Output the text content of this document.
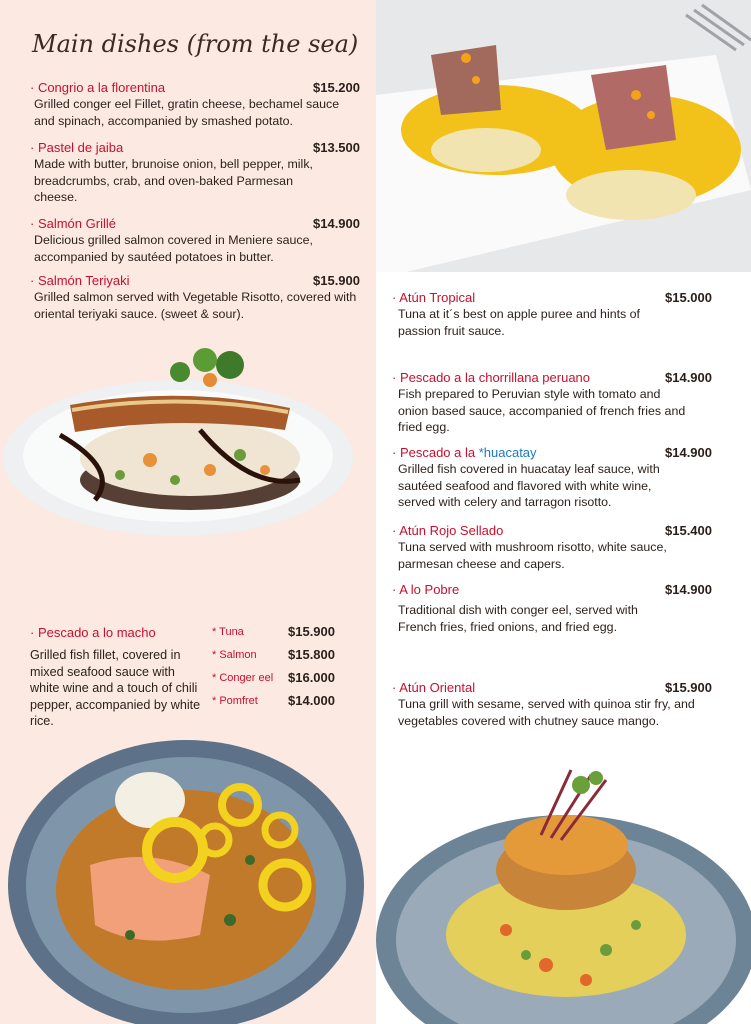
Main dishes (from the sea)
· Congrio a la florentina	$15.200
Grilled conger eel Fillet, gratin cheese, bechamel sauce and spinach, accompanied by smashed potato.
· Pastel de jaiba	$13.500
Made with butter, brunoise onion, bell pepper, milk, breadcrumbs, crab, and oven-baked Parmesan cheese.
· Salmón Grillé	$14.900
Delicious grilled salmon covered in Meniere sauce, accompanied by sautéed potatoes in butter.
· Salmón Teriyaki	$15.900
Grilled salmon served with Vegetable Risotto, covered with oriental teriyaki sauce. (sweet & sour).
· Pescado a lo macho
Grilled fish fillet, covered in mixed seafood sauce with white wine and a touch of chili pepper, accompanied by white rice.
* Tuna	$15.900
* Salmon $15.800
* Conger eel $16.000
* Pomfret $14.000
· Atún Tropical	$15.000
Tuna at it´s best on apple puree and hints of passion fruit sauce.
· Pescado a la chorrillana peruano	$14.900
Fish prepared to Peruvian style with tomato and onion based sauce, accompanied of french fries and fried egg.
· Pescado a la *huacatay	$14.900
Grilled fish covered in huacatay leaf sauce, with sautéed seafood and flavored with white wine, served with celery and tarragon risotto.
· Atún Rojo Sellado	$15.400
Tuna served with mushroom risotto, white sauce, parmesan cheese and capers.
· A lo Pobre	$14.900
Traditional dish with conger eel, served with French fries, fried onions, and fried egg.
· Atún Oriental	$15.900
Tuna grill with sesame, served with quinoa stir fry, and vegetables covered with chutney sauce mango.
